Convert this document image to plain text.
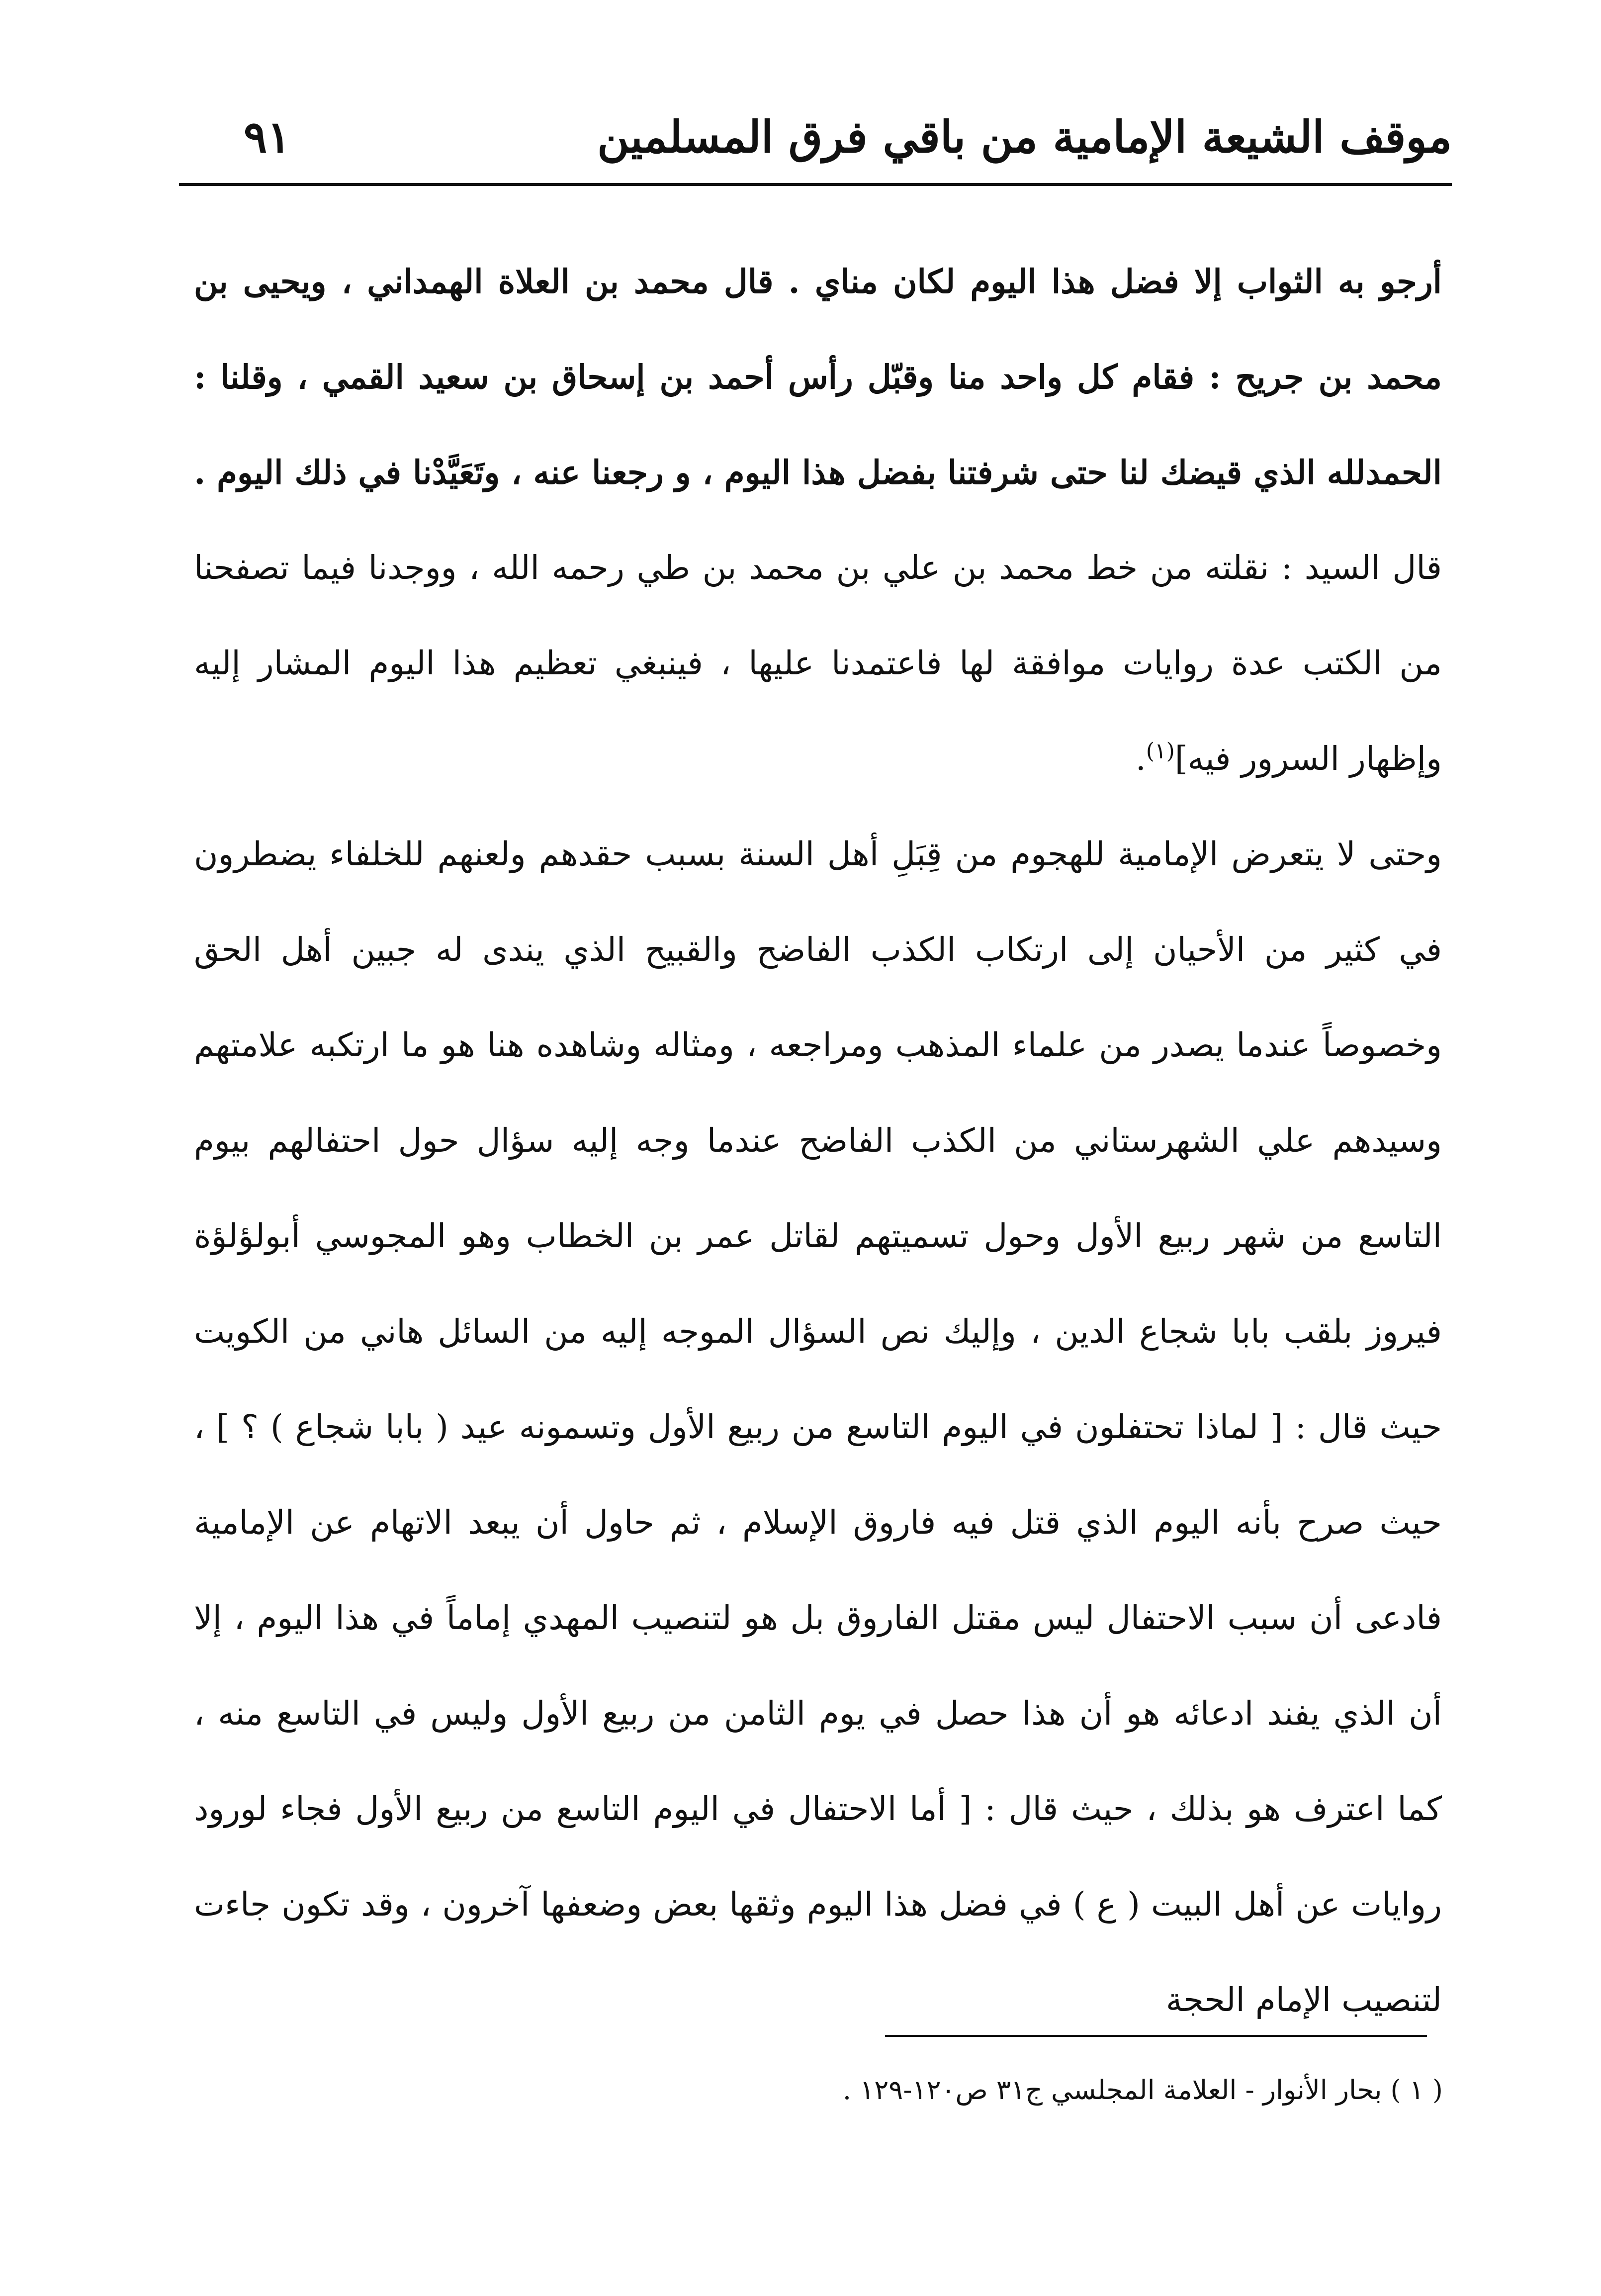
موقف الشيعة الإمامية من باقي فرق المسلمين
٩١

أرجو به الثواب إلا فضل هذا اليوم لكان مناي . قال محمد بن العلاة الهمداني ، ويحيى بن محمد بن جريح : فقام كل واحد منا وقبّل رأس أحمد بن إسحاق بن سعيد القمي ، وقلنا : الحمدلله الذي قيضك لنا حتى شرفتنا بفضل هذا اليوم ، و رجعنا عنه ، وتَعَيَّدْنا في ذلك اليوم .

قال السيد : نقلته من خط محمد بن علي بن محمد بن طي رحمه الله ، ووجدنا فيما تصفحنا من الكتب عدة روايات موافقة لها فاعتمدنا عليها ، فينبغي تعظيم هذا اليوم المشار إليه وإظهار السرور فيه]$^{(١)}$.

وحتى لا يتعرض الإمامية للهجوم من قِبَلِ أهل السنة بسبب حقدهم ولعنهم للخلفاء يضطرون في كثير من الأحيان إلى ارتكاب الكذب الفاضح والقبيح الذي يندى له جبين أهل الحق وخصوصاً عندما يصدر من علماء المذهب ومراجعه ، ومثاله وشاهده هنا هو ما ارتكبه علامتهم وسيدهم علي الشهرستاني من الكذب الفاضح عندما وجه إليه سؤال حول احتفالهم بيوم التاسع من شهر ربيع الأول وحول تسميتهم لقاتل عمر بن الخطاب وهو المجوسي أبولؤلؤة فيروز بلقب بابا شجاع الدين ، وإليك نص السؤال الموجه إليه من السائل هاني من الكويت حيث قال : [ لماذا تحتفلون في اليوم التاسع من ربيع الأول وتسمونه عيد ( بابا شجاع ) ؟ ] ، حيث صرح بأنه اليوم الذي قتل فيه فاروق الإسلام ، ثم حاول أن يبعد الاتهام عن الإمامية فادعى أن سبب الاحتفال ليس مقتل الفاروق بل هو لتنصيب المهدي إماماً في هذا اليوم ، إلا أن الذي يفند ادعائه هو أن هذا حصل في يوم الثامن من ربيع الأول وليس في التاسع منه ، كما اعترف هو بذلك ، حيث قال : [ أما الاحتفال في اليوم التاسع من ربيع الأول فجاء لورود روايات عن أهل البيت ( ع ) في فضل هذا اليوم وثقها بعض وضعفها آخرون ، وقد تكون جاءت لتنصيب الإمام الحجة

( ١ ) بحار الأنوار - العلامة المجلسي ج٣١ ص١٢٠-١٢٩ .
